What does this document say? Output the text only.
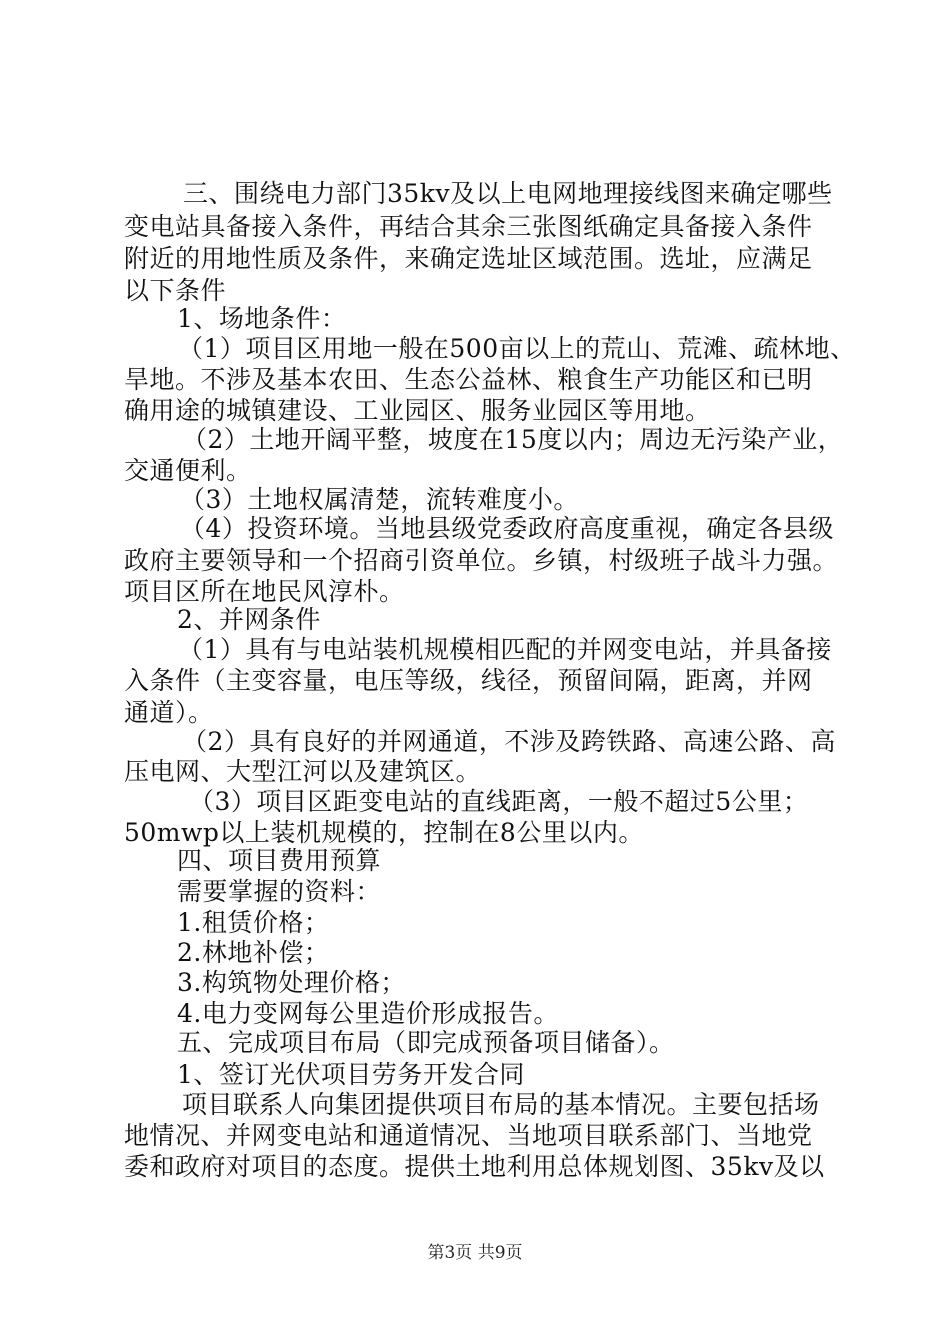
三、围绕电力部门35kv及以上电网地理接线图来确定哪些
变电站具备接入条件，再结合其余三张图纸确定具备接入条件
附近的用地性质及条件，来确定选址区域范围。选址，应满足
以下条件
1、场地条件：
（1）项目区用地一般在500亩以上的荒山、荒滩、疏林地、
旱地。不涉及基本农田、生态公益林、粮食生产功能区和已明
确用途的城镇建设、工业园区、服务业园区等用地。
（2）土地开阔平整，坡度在15度以内；周边无污染产业，
交通便利。
（3）土地权属清楚，流转难度小。
（4）投资环境。当地县级党委政府高度重视，确定各县级
政府主要领导和一个招商引资单位。乡镇，村级班子战斗力强。
项目区所在地民风淳朴。
2、并网条件
（1）具有与电站装机规模相匹配的并网变电站，并具备接
入条件（主变容量，电压等级，线径，预留间隔，距离，并网
通道）。
（2）具有良好的并网通道，不涉及跨铁路、高速公路、高
压电网、大型江河以及建筑区。
（3）项目区距变电站的直线距离，一般不超过5公里；
50mwp以上装机规模的，控制在8公里以内。
四、项目费用预算
需要掌握的资料：
1.租赁价格；
2.林地补偿；
3.构筑物处理价格；
4.电力变网每公里造价形成报告。
五、完成项目布局（即完成预备项目储备）。
1、签订光伏项目劳务开发合同
项目联系人向集团提供项目布局的基本情况。主要包括场
地情况、并网变电站和通道情况、当地项目联系部门、当地党
委和政府对项目的态度。提供土地利用总体规划图、35kv及以
第3页 共9页
